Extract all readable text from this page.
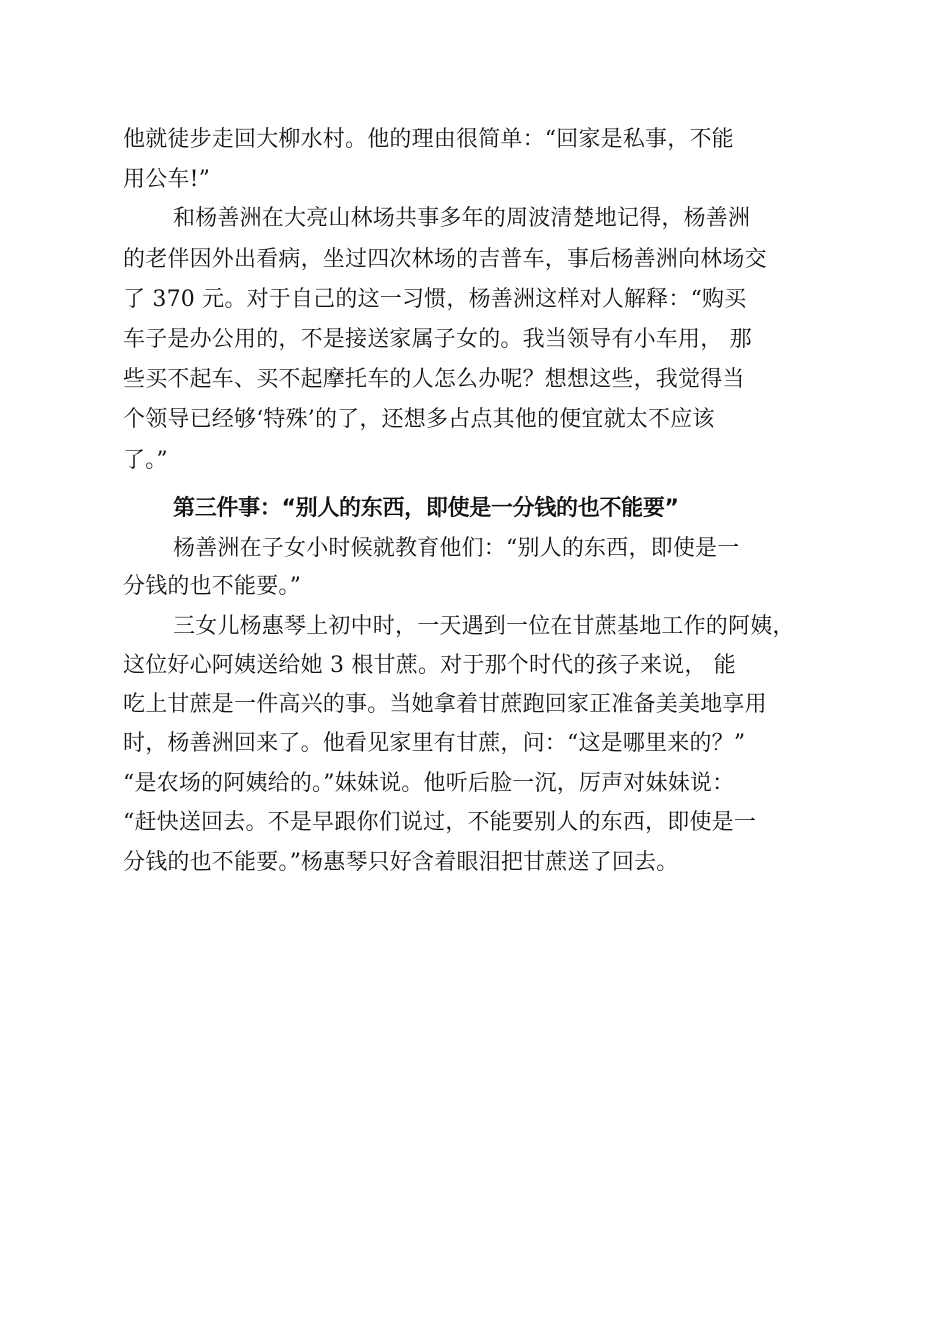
他就徒步走回大柳水村。他的理由很简单：“回家是私事，不能
用公车!”
和杨善洲在大亮山林场共事多年的周波清楚地记得，杨善洲
的老伴因外出看病，坐过四次林场的吉普车，事后杨善洲向林场交
了 370 元。对于自己的这一习惯，杨善洲这样对人解释：“购买
车子是办公用的，不是接送家属子女的。我当领导有小车用， 那
些买不起车、买不起摩托车的人怎么办呢？想想这些，我觉得当
个领导已经够‘特殊’的了，还想多占点其他的便宜就太不应该
了。”
第三件事：“别人的东西，即使是一分钱的也不能要”
杨善洲在子女小时候就教育他们：“别人的东西，即使是一
分钱的也不能要。”
三女儿杨惠琴上初中时，一天遇到一位在甘蔗基地工作的阿姨，
这位好心阿姨送给她 3 根甘蔗。对于那个时代的孩子来说， 能
吃上甘蔗是一件高兴的事。当她拿着甘蔗跑回家正准备美美地享用
时，杨善洲回来了。他看见家里有甘蔗，问：“这是哪里来的？”
“是农场的阿姨给的。”妹妹说。他听后脸一沉，厉声对妹妹说：
“赶快送回去。不是早跟你们说过，不能要别人的东西，即使是一
分钱的也不能要。”杨惠琴只好含着眼泪把甘蔗送了回去。
